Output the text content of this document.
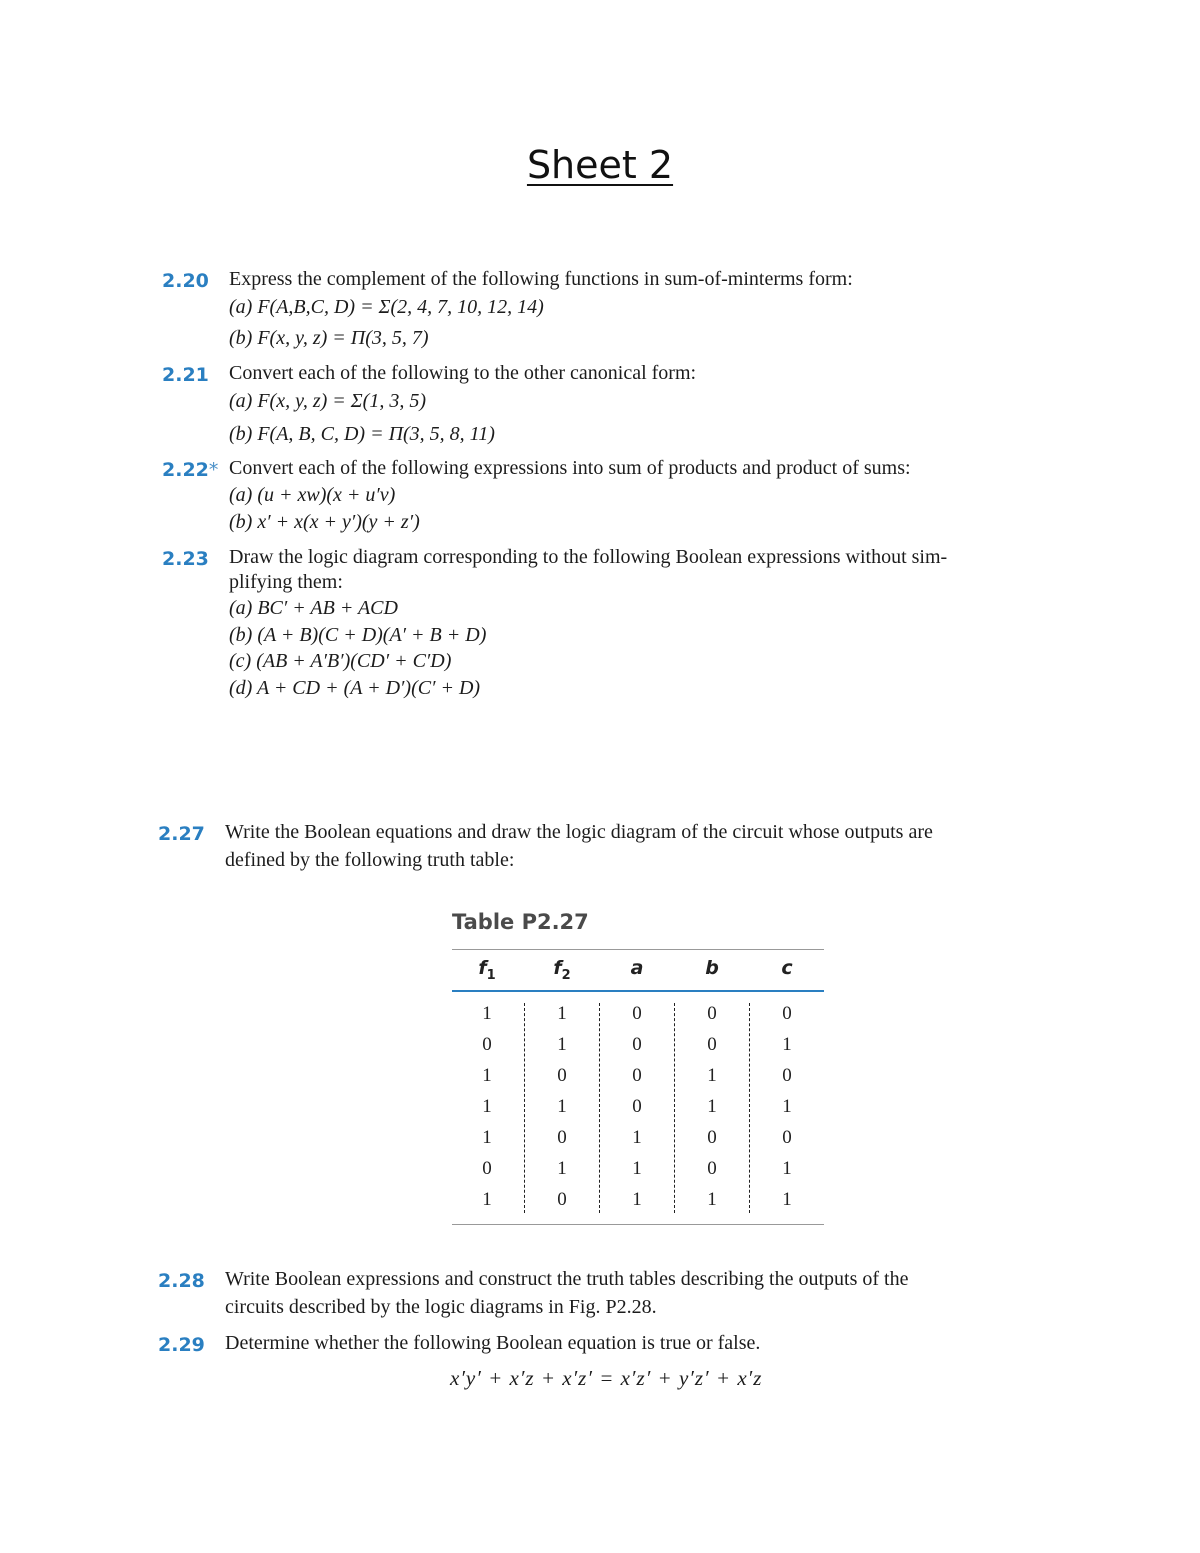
Sheet 2
2.20 Express the complement of the following functions in sum-of-minterms form:
(a) F(A,B,C, D) = Σ(2, 4, 7, 10, 12, 14)
(b) F(x, y, z) = Π(3, 5, 7)
2.21 Convert each of the following to the other canonical form:
(a) F(x, y, z) = Σ(1, 3, 5)
(b) F(A, B, C, D) = Π(3, 5, 8, 11)
2.22* Convert each of the following expressions into sum of products and product of sums:
(a) (u + xw)(x + u′v)
(b) x′ + x(x + y′)(y + z′)
2.23 Draw the logic diagram corresponding to the following Boolean expressions without sim-
plifying them:
(a) BC′ + AB + ACD
(b) (A + B)(C + D)(A′ + B + D)
(c) (AB + A′B′)(CD′ + C′D)
(d) A + CD + (A + D′)(C′ + D)
2.27 Write the Boolean equations and draw the logic diagram of the circuit whose outputs are
defined by the following truth table:
Table P2.27
$f_1$	$f_2$	a	b	c
1	1	0	0	0
0	1	0	0	1
1	0	0	1	0
1	1	0	1	1
1	0	1	0	0
0	1	1	0	1
1	0	1	1	1
2.28 Write Boolean expressions and construct the truth tables describing the outputs of the
circuits described by the logic diagrams in Fig. P2.28.
2.29 Determine whether the following Boolean equation is true or false.
x′y′ + x′z + x′z′ = x′z′ + y′z′ + x′z
